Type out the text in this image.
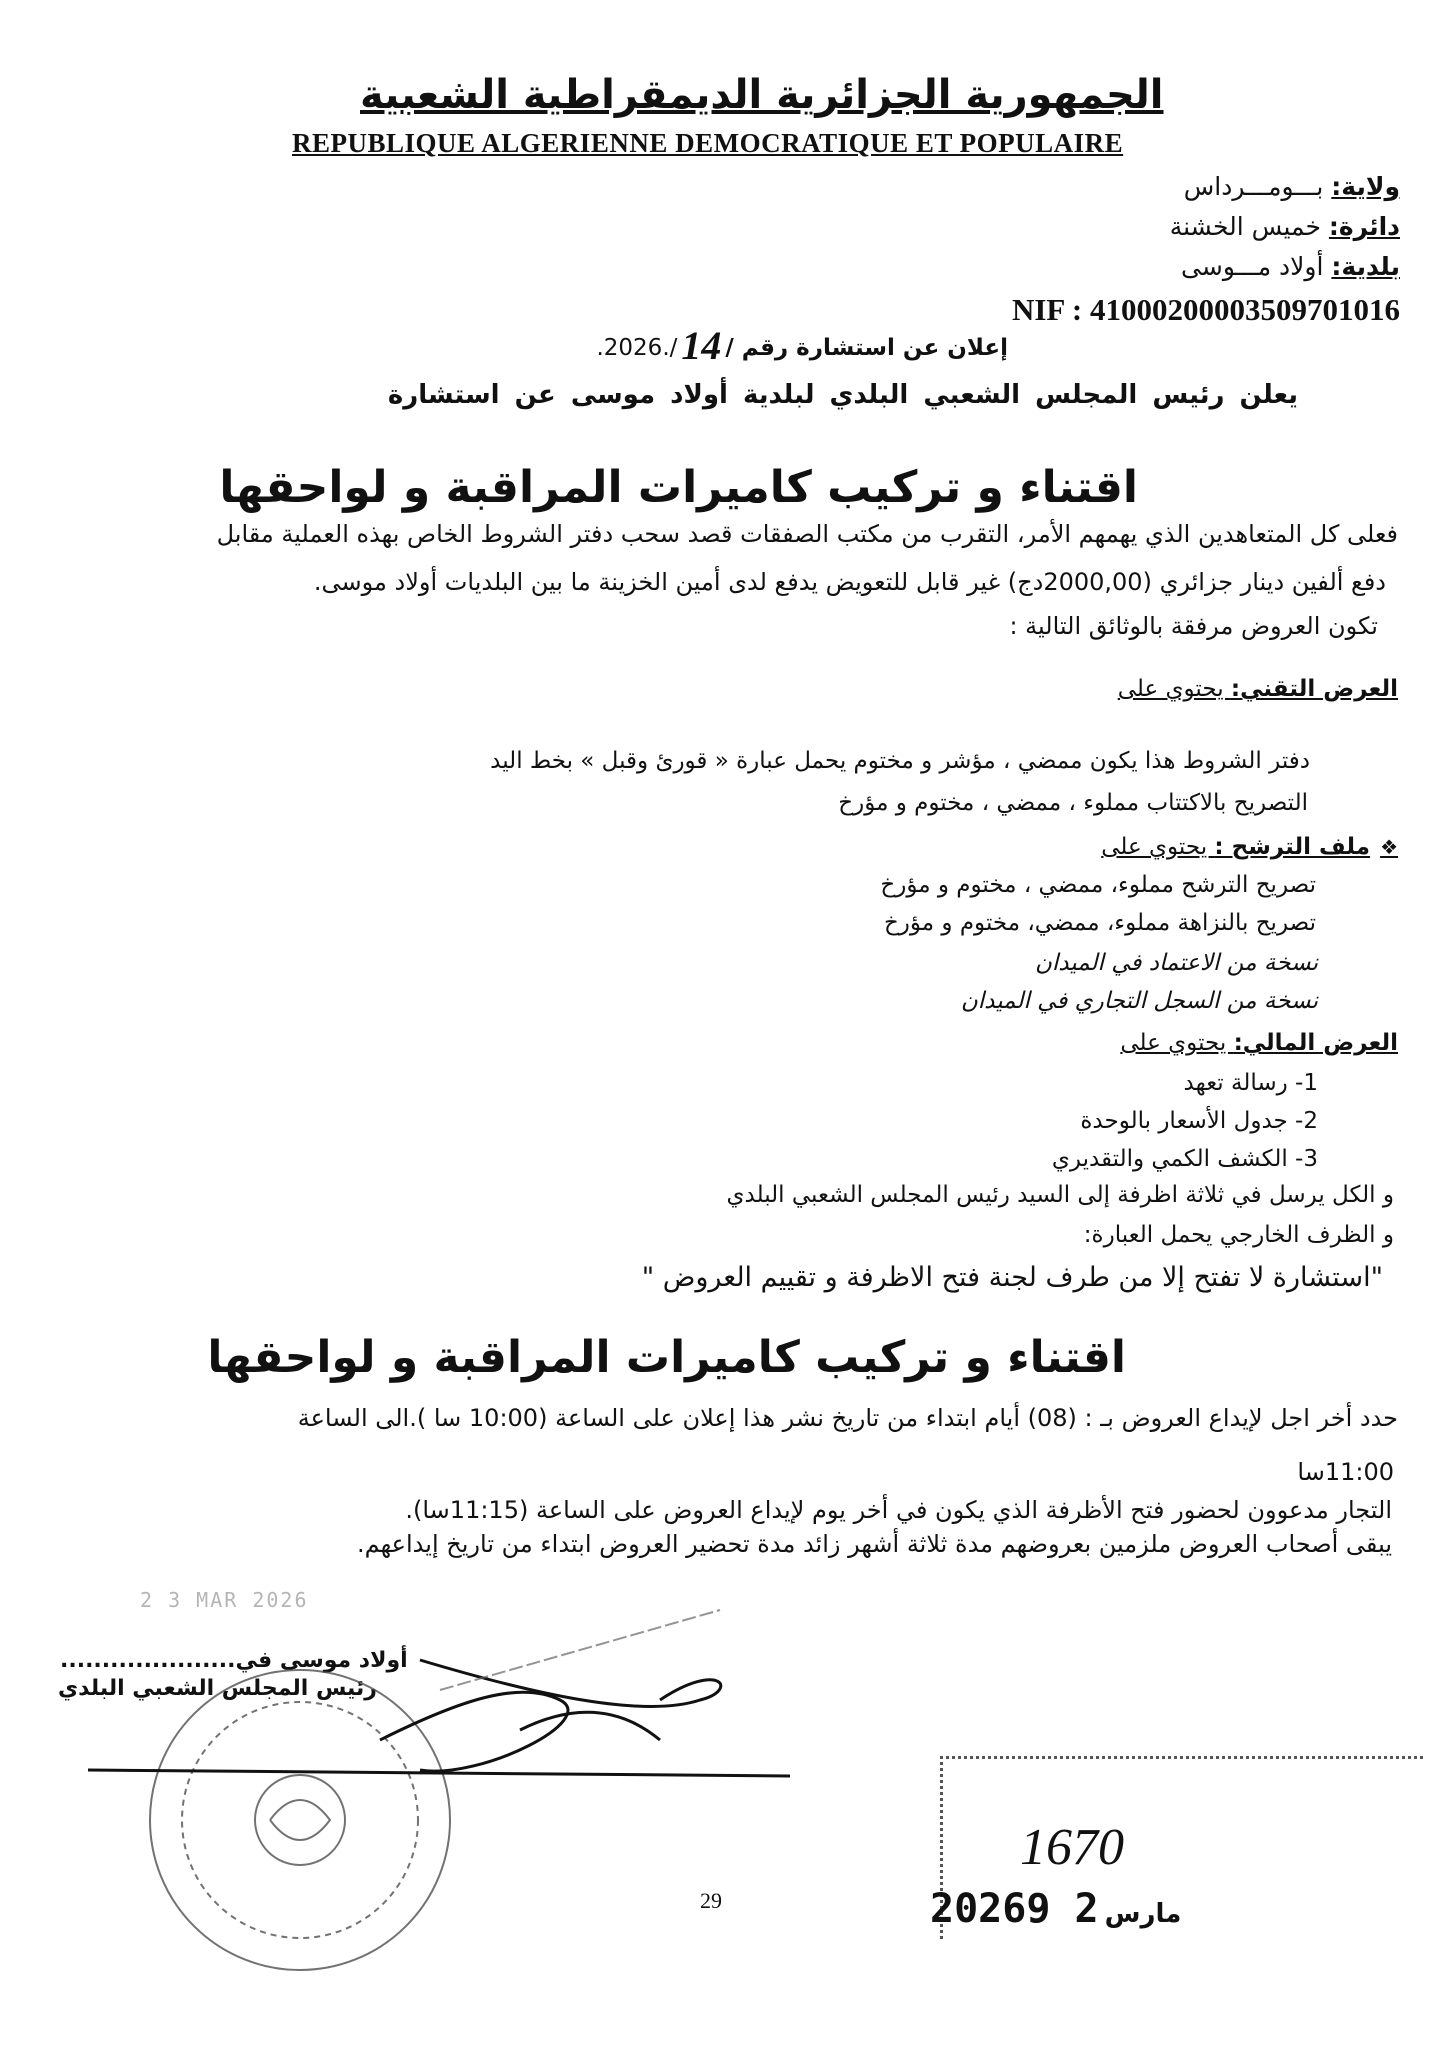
الجمهورية الجزائرية الديمقراطية الشعبية
REPUBLIQUE ALGERIENNE DEMOCRATIQUE ET POPULAIRE
ولاية: بـــومـــرداس
دائرة: خميس الخشنة
بلدية: أولاد مـــوسى
NIF : 41000200003509701016
إعلان عن استشارة رقم /14/.2026.
يعلن رئيس المجلس الشعبي البلدي لبلدية أولاد موسى عن استشارة
اقتناء و تركيب كاميرات المراقبة و لواحقها
فعلى كل المتعاهدين الذي يهمهم الأمر، التقرب من مكتب الصفقات قصد سحب دفتر الشروط الخاص بهذه العملية مقابل
دفع ألفين دينار جزائري (2000,00دج) غير قابل للتعويض يدفع لدى أمين الخزينة ما بين البلديات أولاد موسى.
تكون العروض مرفقة بالوثائق التالية :
العرض التقني: يحتوي على
دفتر الشروط هذا يكون ممضي ، مؤشر و مختوم يحمل عبارة « قورئ وقبل » بخط اليد
التصريح بالاكتتاب مملوء ، ممضي ، مختوم و مؤرخ
❖ملف الترشح : يحتوي على
تصريح الترشح مملوء، ممضي ، مختوم و مؤرخ
تصريح بالنزاهة مملوء، ممضي، مختوم و مؤرخ
نسخة من الاعتماد في الميدان
نسخة من السجل التجاري في الميدان
العرض المالي: يحتوي على
1- رسالة تعهد
2- جدول الأسعار بالوحدة
3- الكشف الكمي والتقديري
و الكل يرسل في ثلاثة اظرفة إلى السيد رئيس المجلس الشعبي البلدي
و الظرف الخارجي يحمل العبارة:
"استشارة لا تفتح إلا من طرف لجنة فتح الاظرفة و تقييم العروض "
اقتناء و تركيب كاميرات المراقبة و لواحقها
حدد أخر اجل لإيداع العروض بـ : (08) أيام ابتداء من تاريخ نشر هذا إعلان على الساعة (10:00 سا ).الى الساعة
11:00سا
التجار مدعوون لحضور فتح الأظرفة الذي يكون في أخر يوم لإيداع العروض على الساعة (11:15سا).
يبقى أصحاب العروض ملزمين بعروضهم مدة ثلاثة أشهر زائد مدة تحضير العروض ابتداء من تاريخ إيداعهم.
2 3 MAR 2026
أولاد موسى في.....................
رئيس المجلس الشعبي البلدي
1670
29	2026	مارس2 9
